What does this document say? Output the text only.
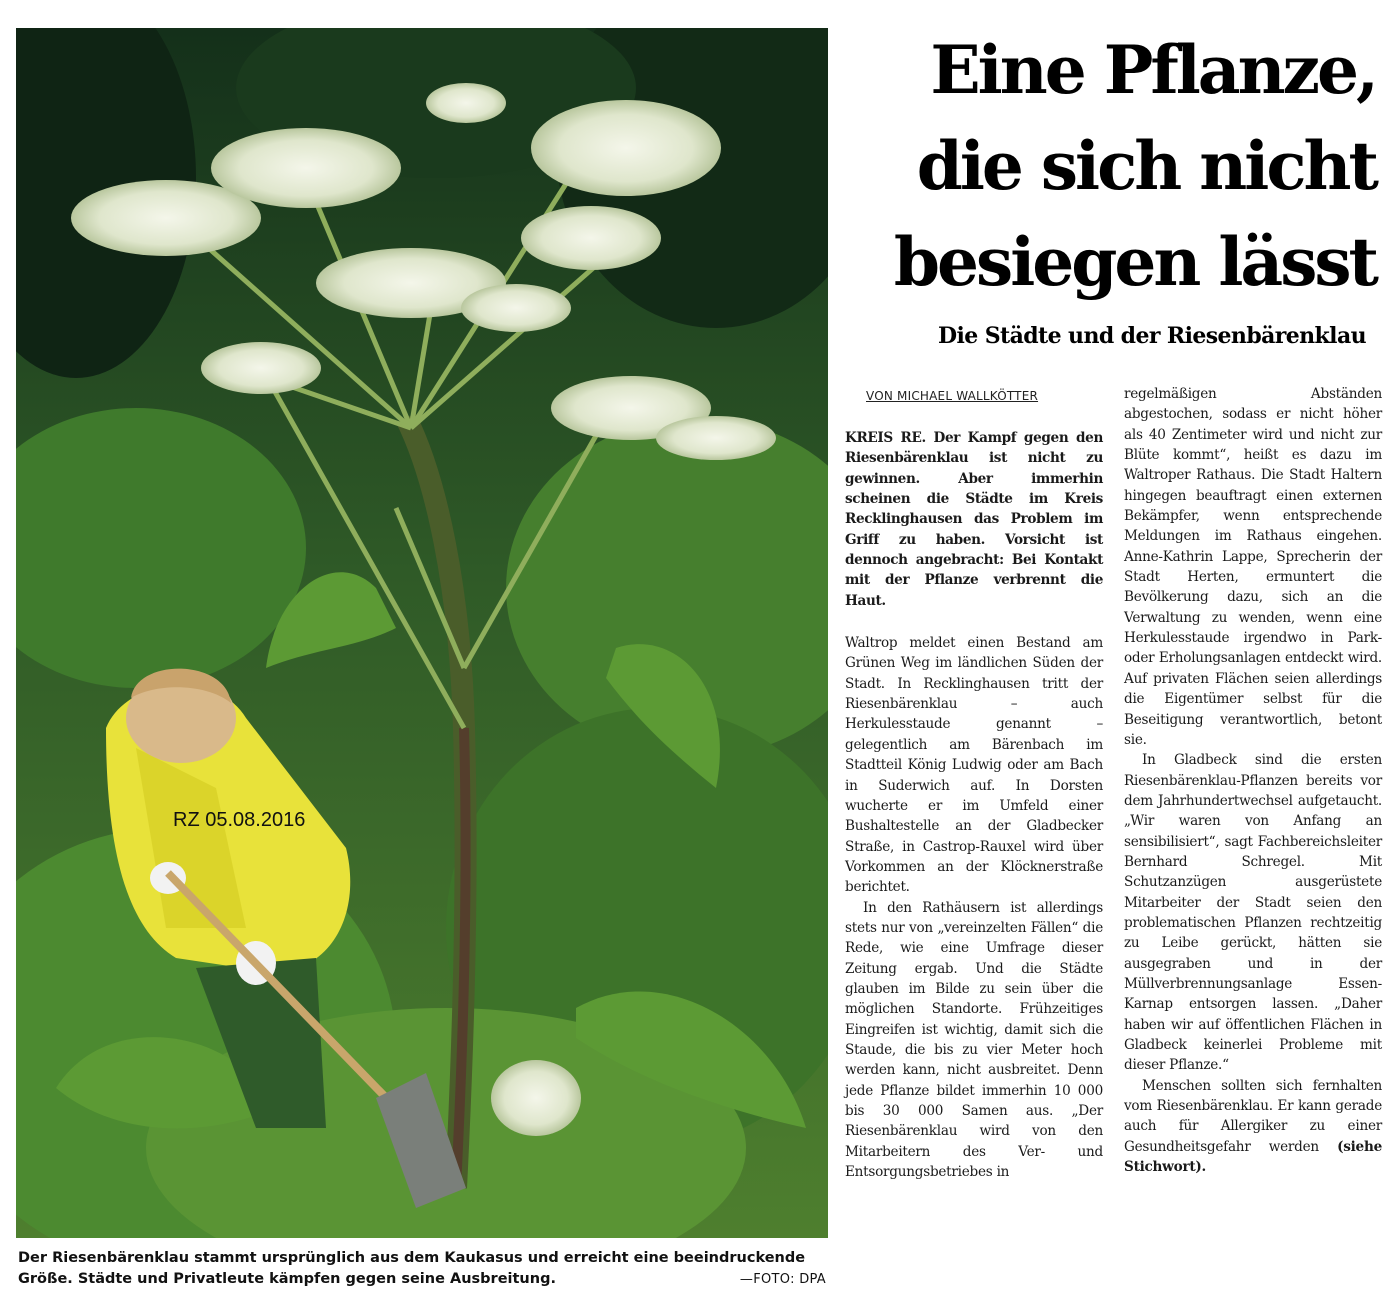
RZ 05.08.2016
Der Riesenbärenklau stammt ursprünglich aus dem Kaukasus und erreicht eine beeindruckende Größe. Städte und Privatleute kämpfen gegen seine Ausbreitung.	—FOTO: DPA
Eine Pflanze, die sich nicht besiegen lässt
Die Städte und der Riesenbärenklau
VON MICHAEL WALLKÖTTER

KREIS RE. Der Kampf gegen den Riesenbärenklau ist nicht zu gewinnen. Aber immerhin scheinen die Städte im Kreis Recklinghausen das Problem im Griff zu haben. Vorsicht ist dennoch angebracht: Bei Kontakt mit der Pflanze verbrennt die Haut.

Waltrop meldet einen Bestand am Grünen Weg im ländlichen Süden der Stadt. In Recklinghausen tritt der Riesenbärenklau – auch Herkulesstaude genannt – gelegentlich am Bärenbach im Stadtteil König Ludwig oder am Bach in Suderwich auf. In Dorsten wucherte er im Umfeld einer Bushaltestelle an der Gladbecker Straße, in Castrop-Rauxel wird über Vorkommen an der Klöcknerstraße berichtet.

In den Rathäusern ist allerdings stets nur von „vereinzelten Fällen“ die Rede, wie eine Umfrage dieser Zeitung ergab. Und die Städte glauben im Bilde zu sein über die möglichen Standorte. Frühzeitiges Eingreifen ist wichtig, damit sich die Staude, die bis zu vier Meter hoch werden kann, nicht ausbreitet. Denn jede Pflanze bildet immerhin 10 000 bis 30 000 Samen aus. „Der Riesenbärenklau wird von den Mitarbeitern des Ver- und Entsorgungsbetriebes in

regelmäßigen Abständen abgestochen, sodass er nicht höher als 40 Zentimeter wird und nicht zur Blüte kommt“, heißt es dazu im Waltroper Rathaus. Die Stadt Haltern hingegen beauftragt einen externen Bekämpfer, wenn entsprechende Meldungen im Rathaus eingehen. Anne-Kathrin Lappe, Sprecherin der Stadt Herten, ermuntert die Bevölkerung dazu, sich an die Verwaltung zu wenden, wenn eine Herkulesstaude irgendwo in Park- oder Erholungsanlagen entdeckt wird. Auf privaten Flächen seien allerdings die Eigentümer selbst für die Beseitigung verantwortlich, betont sie.

In Gladbeck sind die ersten Riesenbärenklau-Pflanzen bereits vor dem Jahrhundertwechsel aufgetaucht. „Wir waren von Anfang an sensibilisiert“, sagt Fachbereichsleiter Bernhard Schregel. Mit Schutzanzügen ausgerüstete Mitarbeiter der Stadt seien den problematischen Pflanzen rechtzeitig zu Leibe gerückt, hätten sie ausgegraben und in der Müllverbrennungsanlage Essen-Karnap entsorgen lassen. „Daher haben wir auf öffentlichen Flächen in Gladbeck keinerlei Probleme mit dieser Pflanze.“

Menschen sollten sich fernhalten vom Riesenbärenklau. Er kann gerade auch für Allergiker zu einer Gesundheitsgefahr werden (siehe Stichwort).
